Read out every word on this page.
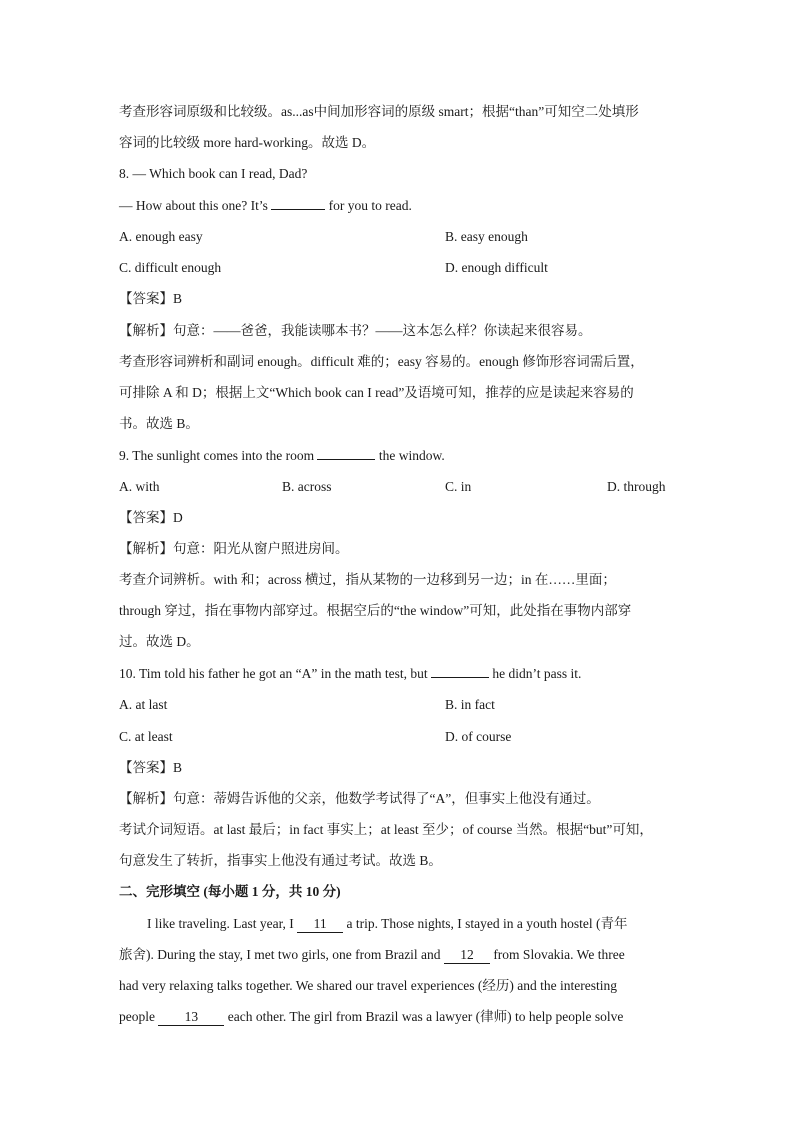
考查形容词原级和比较级。as...as中间加形容词的原级 smart；根据“than”可知空二处填形
容词的比较级 more hard-working。故选 D。
8. — Which book can I read, Dad?
— How about this one? It’s	for you to read.
A. enough easy	B. easy enough
C. difficult enough	D. enough difficult
【答案】B
【解析】句意：——爸爸，我能读哪本书？——这本怎么样？你读起来很容易。
考查形容词辨析和副词 enough。difficult 难的；easy 容易的。enough 修饰形容词需后置，
可排除 A 和 D；根据上文“Which book can I read”及语境可知，推荐的应是读起来容易的
书。故选 B。
9. The sunlight comes into the room	the window.
A. with	B. across	C. in	D. through
【答案】D
【解析】句意：阳光从窗户照进房间。
考查介词辨析。with 和；across 横过，指从某物的一边移到另一边；in 在……里面；
through 穿过，指在事物内部穿过。根据空后的“the window”可知，此处指在事物内部穿
过。故选 D。
10. Tim told his father he got an “A” in the math test, but	he didn’t pass it.
A. at last	B. in fact
C. at least	D. of course
【答案】B
【解析】句意：蒂姆告诉他的父亲，他数学考试得了“A”，但事实上他没有通过。
考试介词短语。at last 最后；in fact 事实上；at least 至少；of course 当然。根据“but”可知，
句意发生了转折，指事实上他没有通过考试。故选 B。
二、完形填空 (每小题 1 分，共 10 分)
I like traveling. Last year, I 11 a trip. Those nights, I stayed in a youth hostel (青年
旅舍). During the stay, I met two girls, one from Brazil and 12 from Slovakia. We three
had very relaxing talks together. We shared our travel experiences (经历) and the interesting
people 13 each other. The girl from Brazil was a lawyer (律师) to help people solve
